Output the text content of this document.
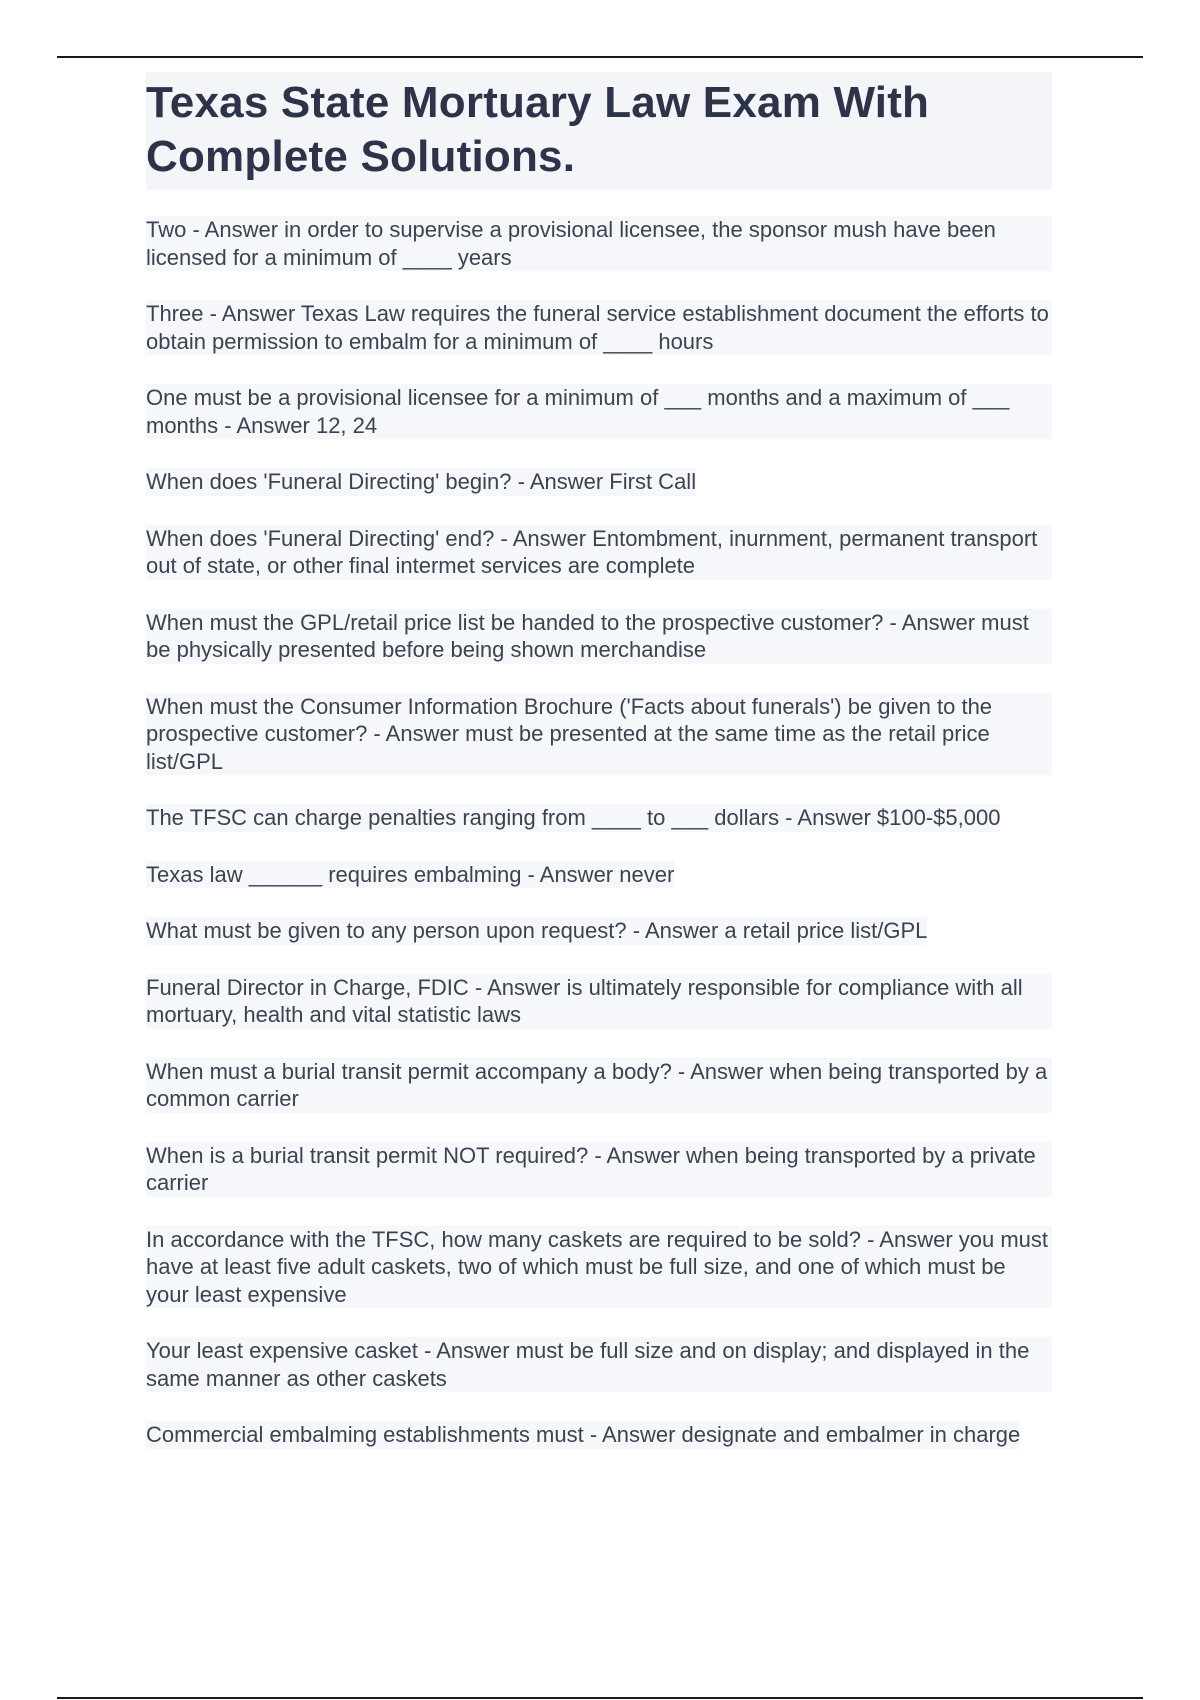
Texas State Mortuary Law Exam With Complete Solutions.

Two - Answer in order to supervise a provisional licensee, the sponsor mush have been licensed for a minimum of ____ years

Three - Answer Texas Law requires the funeral service establishment document the efforts to obtain permission to embalm for a minimum of ____ hours

One must be a provisional licensee for a minimum of ___ months and a maximum of ___ months - Answer 12, 24

When does 'Funeral Directing' begin? - Answer First Call

When does 'Funeral Directing' end? - Answer Entombment, inurnment, permanent transport out of state, or other final intermet services are complete

When must the GPL/retail price list be handed to the prospective customer? - Answer must be physically presented before being shown merchandise

When must the Consumer Information Brochure ('Facts about funerals') be given to the prospective customer? - Answer must be presented at the same time as the retail price list/GPL

The TFSC can charge penalties ranging from ____ to ___ dollars - Answer $100-$5,000

Texas law ______ requires embalming - Answer never

What must be given to any person upon request? - Answer a retail price list/GPL

Funeral Director in Charge, FDIC - Answer is ultimately responsible for compliance with all mortuary, health and vital statistic laws

When must a burial transit permit accompany a body? - Answer when being transported by a common carrier

When is a burial transit permit NOT required? - Answer when being transported by a private carrier

In accordance with the TFSC, how many caskets are required to be sold? - Answer you must have at least five adult caskets, two of which must be full size, and one of which must be your least expensive

Your least expensive casket - Answer must be full size and on display; and displayed in the same manner as other caskets

Commercial embalming establishments must - Answer designate and embalmer in charge
